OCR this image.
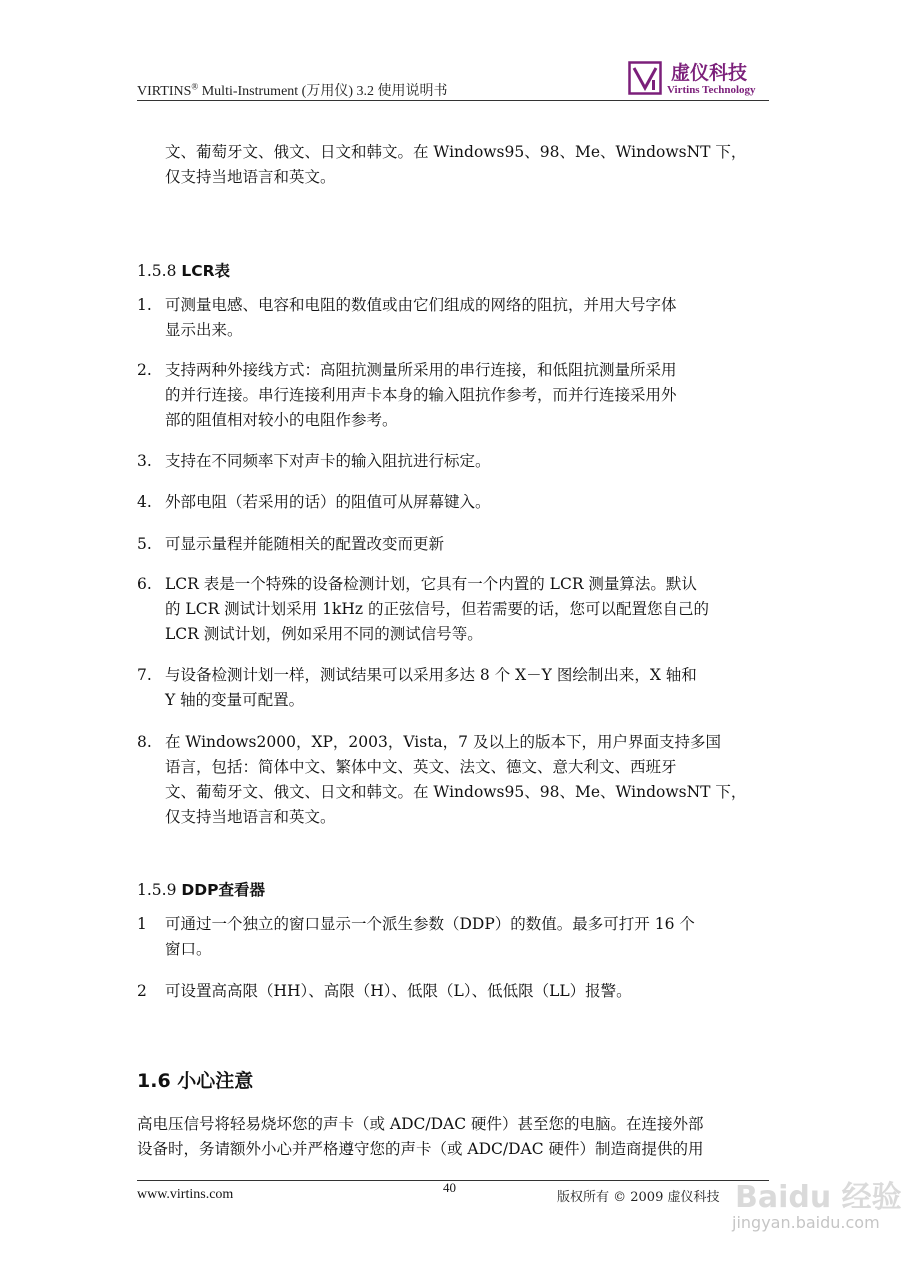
VIRTINS® Multi-Instrument (万用仪) 3.2 使用说明书
虚仪科技
Virtins Technology
文、葡萄牙文、俄文、日文和韩文。在 Windows95、98、Me、WindowsNT 下，
仅支持当地语言和英文。
1.5.8 LCR表
1. 可测量电感、电容和电阻的数值或由它们组成的网络的阻抗，并用大号字体
显示出来。
2. 支持两种外接线方式：高阻抗测量所采用的串行连接，和低阻抗测量所采用
的并行连接。串行连接利用声卡本身的输入阻抗作参考，而并行连接采用外
部的阻值相对较小的电阻作参考。
3. 支持在不同频率下对声卡的输入阻抗进行标定。
4. 外部电阻（若采用的话）的阻值可从屏幕键入。
5. 可显示量程并能随相关的配置改变而更新
6. LCR 表是一个特殊的设备检测计划，它具有一个内置的 LCR 测量算法。默认
的 LCR 测试计划采用 1kHz 的正弦信号，但若需要的话，您可以配置您自己的
LCR 测试计划，例如采用不同的测试信号等。
7. 与设备检测计划一样，测试结果可以采用多达 8 个 X－Y 图绘制出来，X 轴和
Y 轴的变量可配置。
8. 在 Windows2000，XP，2003，Vista，7 及以上的版本下，用户界面支持多国
语言，包括：简体中文、繁体中文、英文、法文、德文、意大利文、西班牙
文、葡萄牙文、俄文、日文和韩文。在 Windows95、98、Me、WindowsNT 下，
仅支持当地语言和英文。
1.5.9 DDP查看器
1 可通过一个独立的窗口显示一个派生参数（DDP）的数值。最多可打开 16 个
窗口。
2 可设置高高限（HH）、高限（H）、低限（L）、低低限（LL）报警。
1.6 小心注意
高电压信号将轻易烧坏您的声卡（或 ADC/DAC 硬件）甚至您的电脑。在连接外部
设备时，务请额外小心并严格遵守您的声卡（或 ADC/DAC 硬件）制造商提供的用
www.virtins.com	40
版权所有 © 2009 虚仪科技 Baidu 经验
jingyan.baidu.com
